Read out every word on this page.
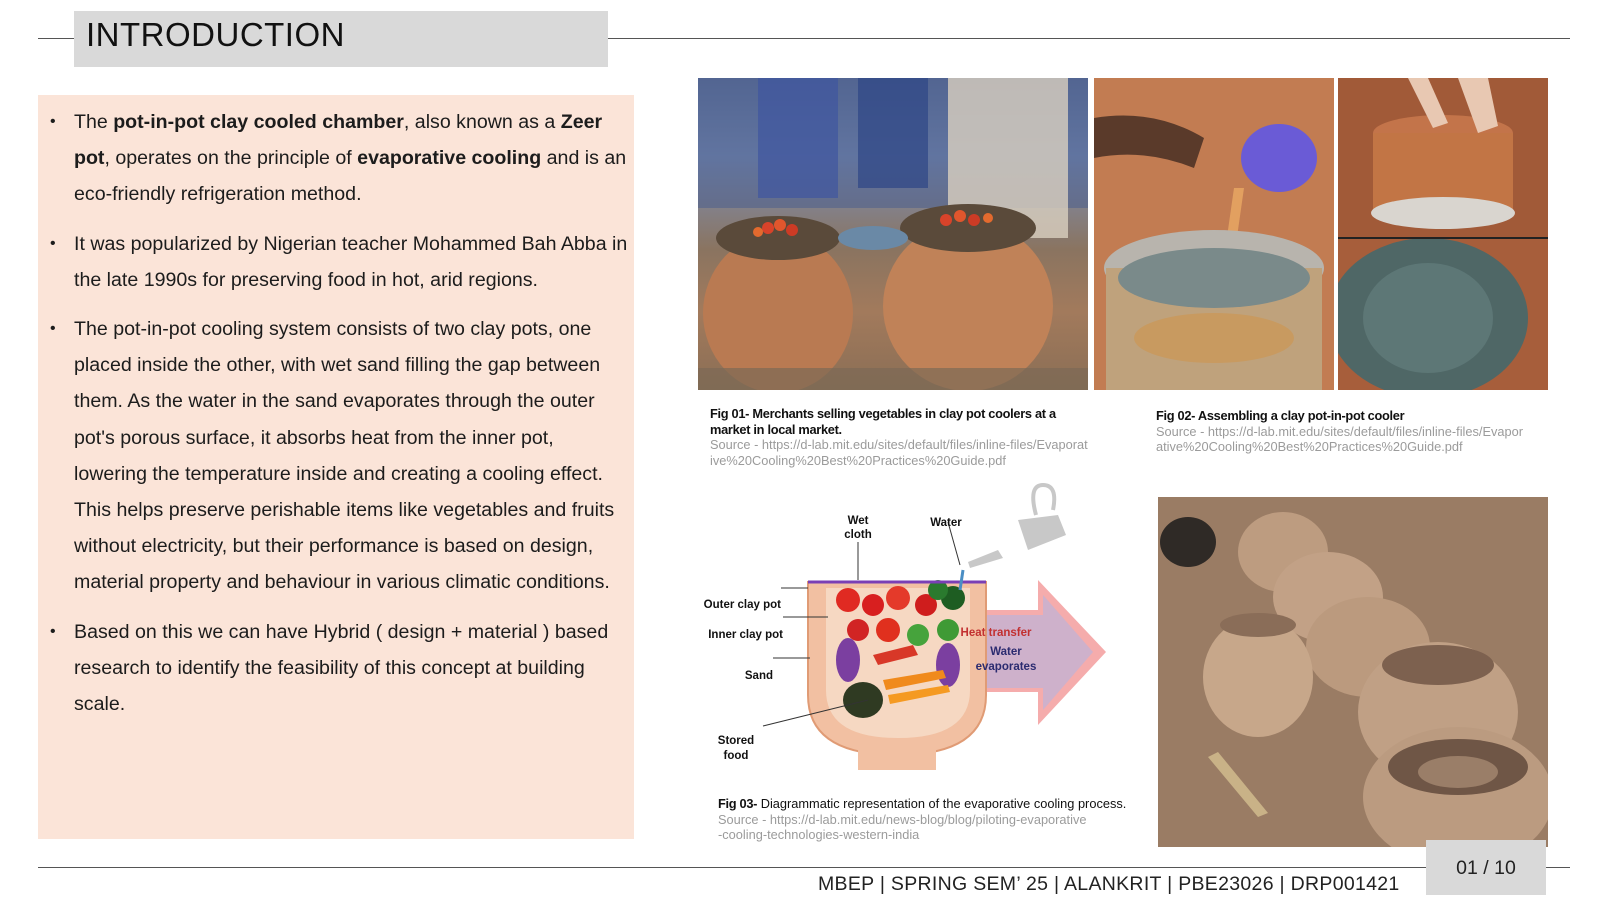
INTRODUCTION
• The pot-in-pot clay cooled chamber, also known as a Zeer pot, operates on the principle of evaporative cooling and is an eco-friendly refrigeration method.
• It was popularized by Nigerian teacher Mohammed Bah Abba in the late 1990s for preserving food in hot, arid regions.
• The pot-in-pot cooling system consists of two clay pots, one placed inside the other, with wet sand filling the gap between them. As the water in the sand evaporates through the outer pot's porous surface, it absorbs heat from the inner pot, lowering the temperature inside and creating a cooling effect. This helps preserve perishable items like vegetables and fruits without electricity, but their performance is based on design, material property and behaviour in various climatic conditions.
• Based on this we can have Hybrid ( design + material ) based research to identify the feasibility of this concept at building scale.
Fig 01- Merchants selling vegetables in clay pot coolers at a market in local market.
Source - https://d-lab.mit.edu/sites/default/files/inline-files/Evaporative%20Cooling%20Best%20Practices%20Guide.pdf
Fig 02- Assembling a clay pot-in-pot cooler
Source - https://d-lab.mit.edu/sites/default/files/inline-files/Evaporative%20Cooling%20Best%20Practices%20Guide.pdf
Wet
cloth
Water
Outer clay pot
Inner clay pot
Sand
Stored
food
Heat transfer
Water
evaporates
Fig 03- Diagrammatic representation of the evaporative cooling process.
Source - https://d-lab.mit.edu/news-blog/blog/piloting-evaporative-cooling-technologies-western-india
MBEP | SPRING SEM’ 25 | ALANKRIT | PBE23026 | DRP001421
01 / 10
